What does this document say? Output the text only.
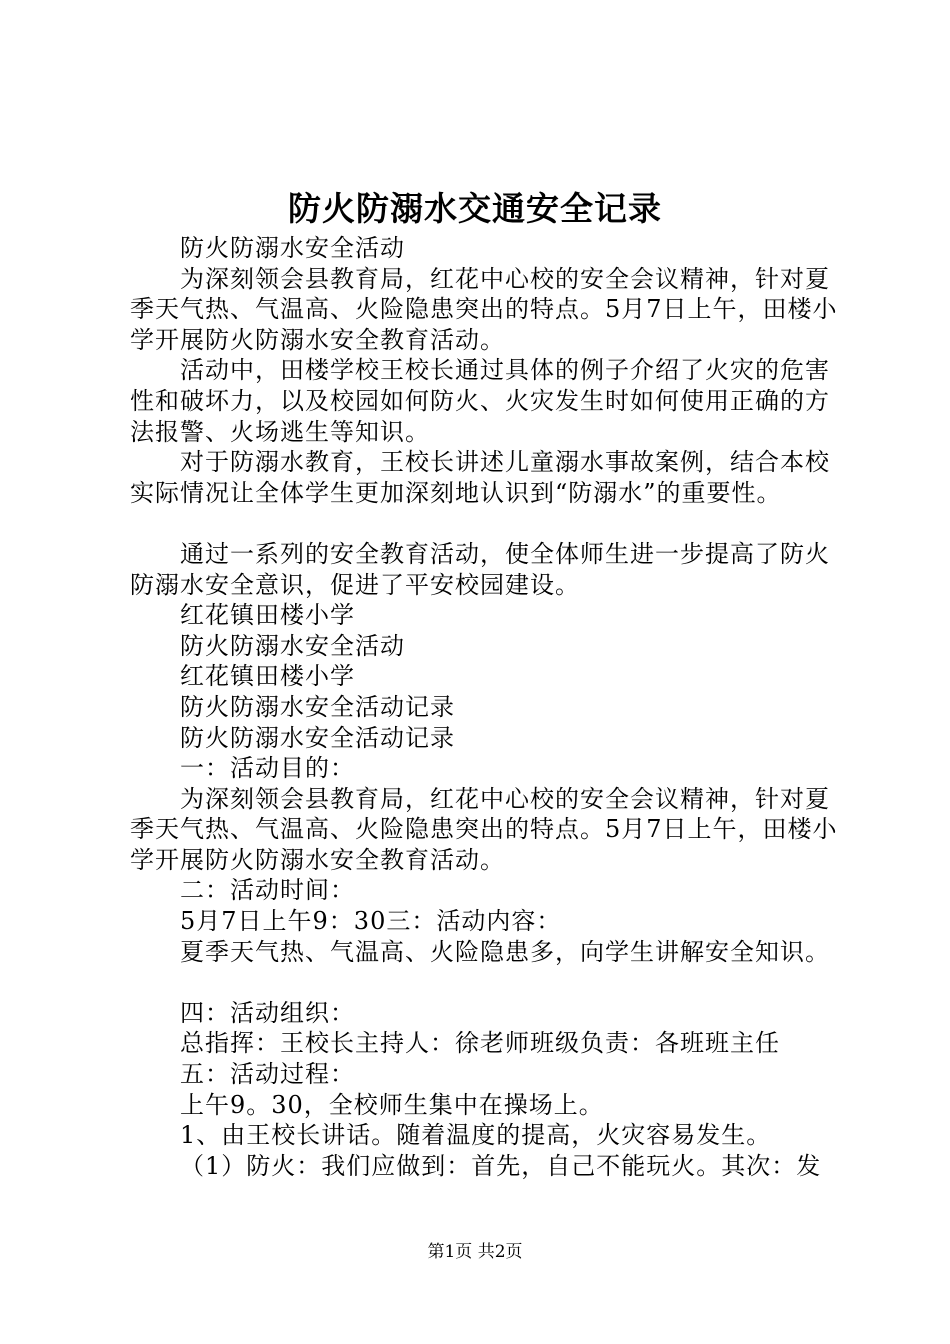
防火防溺水交通安全记录

防火防溺水安全活动

为深刻领会县教育局，红花中心校的安全会议精神，针对夏季天气热、气温高、火险隐患突出的特点。5月7日上午，田楼小学开展防火防溺水安全教育活动。

活动中，田楼学校王校长通过具体的例子介绍了火灾的危害性和破坏力，以及校园如何防火、火灾发生时如何使用正确的方法报警、火场逃生等知识。

对于防溺水教育，王校长讲述儿童溺水事故案例，结合本校实际情况让全体学生更加深刻地认识到“防溺水”的重要性。

通过一系列的安全教育活动，使全体师生进一步提高了防火防溺水安全意识，促进了平安校园建设。

红花镇田楼小学

防火防溺水安全活动

红花镇田楼小学

防火防溺水安全活动记录

防火防溺水安全活动记录

一：活动目的：

为深刻领会县教育局，红花中心校的安全会议精神，针对夏季天气热、气温高、火险隐患突出的特点。5月7日上午，田楼小学开展防火防溺水安全教育活动。

二：活动时间：

5月7日上午9：30三：活动内容：

夏季天气热、气温高、火险隐患多，向学生讲解安全知识。

四：活动组织：

总指挥：王校长主持人：徐老师班级负责：各班班主任

五：活动过程：

上午9。30，全校师生集中在操场上。

1、由王校长讲话。随着温度的提高，火灾容易发生。

（1）防火：我们应做到：首先，自己不能玩火。其次：发

第1页 共2页
